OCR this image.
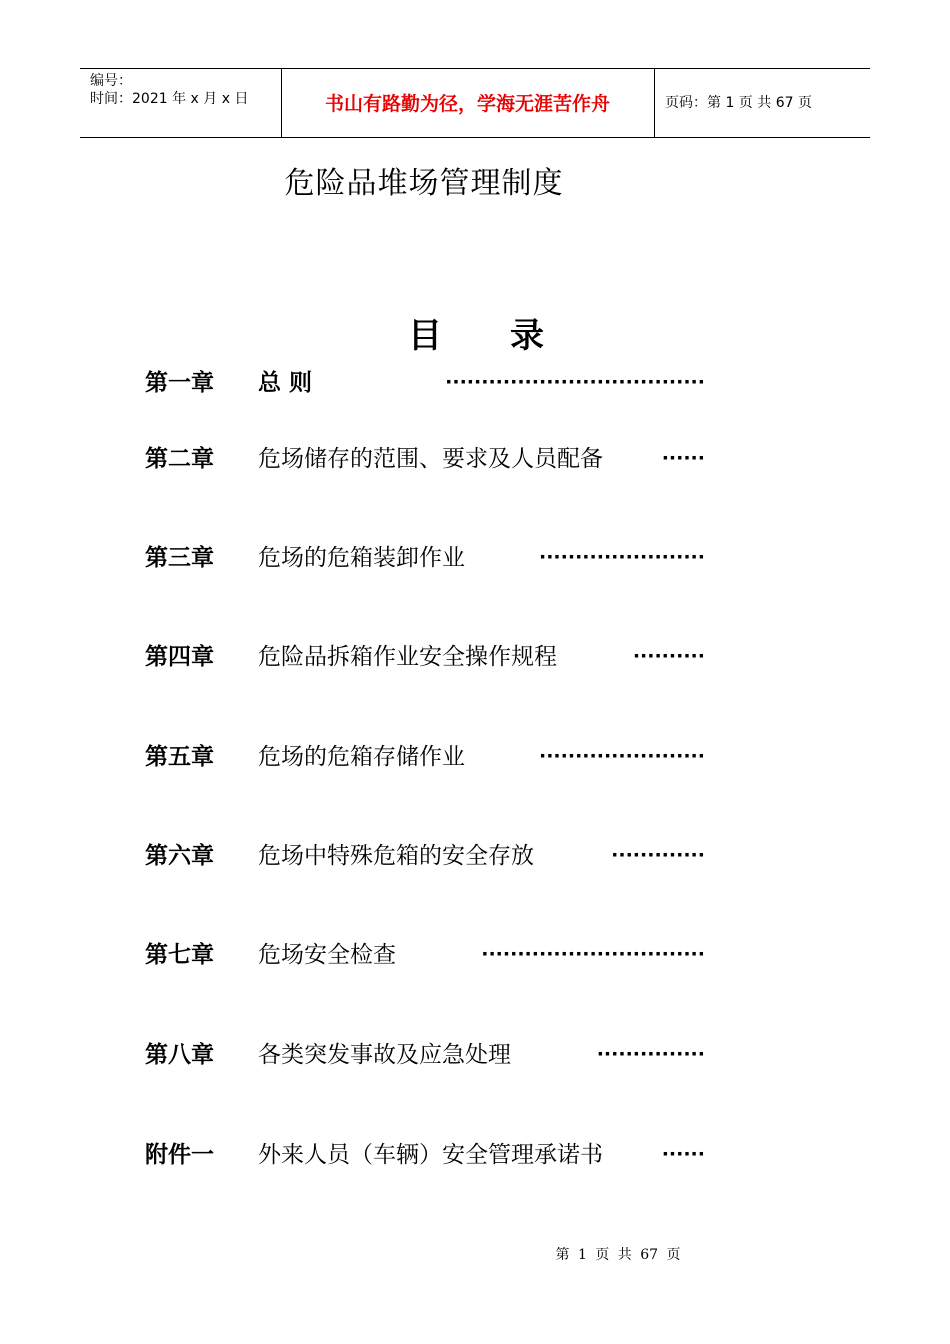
编号：
时间：2021 年 x 月 x 日	书山有路勤为径，学海无涯苦作舟	页码：第 1 页 共 67 页
危险品堆场管理制度
目 录
第一章 总 则	····································
第二章 危场储存的范围、要求及人员配备	······
第三章 危场的危箱装卸作业	·······················
第四章 危险品拆箱作业安全操作规程	··········
第五章 危场的危箱存储作业	·······················
第六章 危场中特殊危箱的安全存放	·············
第七章 危场安全检查	·······························
第八章 各类突发事故及应急处理	···············
附件一 外来人员（车辆）安全管理承诺书	······
第 1 页 共 67 页
